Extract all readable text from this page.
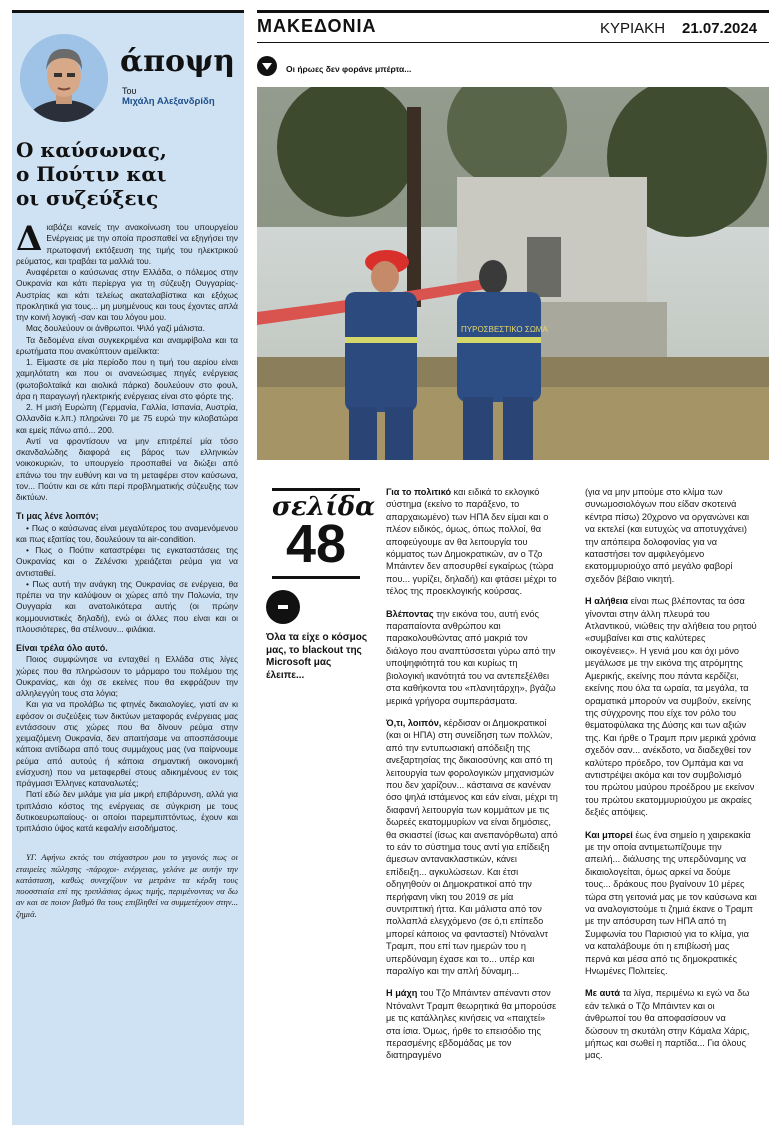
άποψη
Του
Μιχάλη Αλεξανδρίδη
Ο καύσωνας,
ο Πούτιν και
οι συζεύξεις

Διαβάζει κανείς την ανακοίνωση του υπουργείου Ενέργειας με την οποία προσπαθεί να εξηγήσει την πρωτοφανή εκτόξευση της τιμής του ηλεκτρικού ρεύματος, και τραβάει τα μαλλιά του.

Αναφέρεται ο καύσωνας στην Ελλάδα, ο πόλεμος στην Ουκρανία και κάτι περίεργα για τη σύζευξη Ουγγαρίας-Αυστρίας και κάτι τελείως ακαταλαβίστικα και εξόχως προκλητικά για τους... μη μυημένους και τους έχοντες απλά την κοινή λογική -σαν και του λόγου μου.

Μας δουλεύουν οι άνθρωποι. Ψιλό γαζί μάλιστα.

Τα δεδομένα είναι συγκεκριμένα και αναμφίβολα και τα ερωτήματα που ανακύπτουν αμείλικτα:

1. Είμαστε σε μία περίοδο που η τιμή του αερίου είναι χαμηλότατη και που οι ανανεώσιμες πηγές ενέργειας (φωτοβολταϊκά και αιολικά πάρκα) δουλεύουν στο φουλ, άρα η παραγωγή ηλεκτρικής ενέργειας είναι στο φόρτε της.

2. Η μισή Ευρώπη (Γερμανία, Γαλλία, Ισπανία, Αυστρία, Ολλανδία κ.λπ.) πληρώνει 70 με 75 ευρώ την κιλοβατώρα και εμείς πάνω από... 200.

Αντί να φροντίσουν να μην επιτρέπεί μία τόσο σκανδαλώδης διαφορά εις βάρος των ελληνικών νοικοκυριών, το υπουργείο προσπαθεί να διώξει από επάνω του την ευθύνη και να τη μεταφέρει στον καύσωνα, τον... Πούτιν και σε κάτι περί προβληματικής σύζευξης των δικτύων.

Τι μας λένε λοιπόν;

• Πως ο καύσωνας είναι μεγαλύτερος του αναμενόμενου και πως εξαιτίας του, δουλεύουν τα air-condition.

• Πως ο Πούτιν καταστρέφει τις εγκαταστάσεις της Ουκρανίας και ο Ζελένσκι χρειάζεται ρεύμα για να αντισταθεί.

• Πως αυτή την ανάγκη της Ουκρανίας σε ενέργεια, θα πρέπει να την καλύψουν οι χώρες από την Πολωνία, την Ουγγαρία και ανατολικότερα αυτής (οι πρώην κομμουνιστικές δηλαδή), ενώ οι άλλες που είναι και οι πλουσιότερες, θα στέλνουν... φιλάκια.

Είναι τρέλα όλο αυτό.

Ποιος συμφώνησε να ενταχθεί η Ελλάδα στις λίγες χώρες που θα πληρώσουν το μάρμαρο του πολέμου της Ουκρανίας, και όχι σε εκείνες που θα εκφράζουν την αλληλεγγύη τους στα λόγια;

Και για να προλάβω τις φτηνές δικαιολογίες, γιατί αν κι εφόσον οι συζεύξεις των δικτύων μεταφοράς ενέργειας μας εντάσσουν στις χώρες που θα δίνουν ρεύμα στην χειμαζόμενη Ουκρανία, δεν απαιτήσαμε να αποσπάσουμε κάποια αντίδωρα από τους συμμάχους μας (να παίρνουμε ρεύμα από αυτούς ή κάποια σημαντική οικονομική ενίσχυση) που να μεταφερθεί στους αδικημένους εν τοις πράγμασι Έλληνες καταναλωτές;

Πατί εδώ δεν μιλάμε για μία μικρή επιβάρυνση, αλλά για τριπλάσιο κόστος της ενέργειας σε σύγκριση με τους δυτικοευρωπαίους- οι οποίοι παρεμπιπτόντως, έχουν και τριπλάσιο ύψος κατά κεφαλήν εισοδήματος.

ΥΓ. Αφήνω εκτός του στόχαστρου μου το γεγονός πως οι εταιρείες πώλησης -πάροχοι- ενέργειας, γελάνε με αυτήν την κατάσταση, καθώς συνεχίζουν να μετράνε τα κέρδη τους ποοσστιαία επί της τριπλάσιας όμως τιμής, περιμένοντας να δω αν και σε ποιον βαθμό θα τους επιβληθεί να συμμετέχουν στην... ζημιά.

ΜΑΚΕΔΟΝΙΑ	ΚΥΡΙΑΚΗ 21.07.2024
Οι ήρωες δεν φοράνε μπέρτα...
ΠΥΡΟΣΒΕΣΤΙΚΟ ΣΩΜΑ
σελίδα
48
Όλα τα είχε ο κόσμος μας, το blackout της Microsoft μας έλειπε...

Για το πολιτικό και ειδικά το εκλογικό σύστημα (εκείνο το παράξενο, το απαρχαιωμένο) των ΗΠΑ δεν είμαι και ο πλέον ειδικός, όμως, όπως πολλοί, θα αποφεύγουμε αν θα λειτουργία του κόμματος των Δημοκρατικών, αν ο Τζο Μπάιντεν δεν αποσυρθεί εγκαίρως (τώρα που... γυρίζει, δηλαδή) και φτάσει μέχρι το τέλος της προεκλογικής κούρσας.

Βλέποντας την εικόνα του, αυτή ενός παραπαίοντα ανθρώπου και παρακολουθώντας από μακριά τον διάλογο που αναπτύσσεται γύρω από την υποψηφιότητά του και κυρίως τη βιολογική ικανότητά του να αντεπεξέλθει στα καθήκοντα του «πλανητάρχη», βγάζω μερικά γρήγορα συμπεράσματα.

Ό,τι, λοιπόν, κέρδισαν οι Δημοκρατικοί (και οι ΗΠΑ) στη συνείδηση των πολλών, από την εντυπωσιακή απόδειξη της ανεξαρτησίας της δικαιοσύνης και από τη λειτουργία των φορολογικών μηχανισμών που δεν χαρίζουν... κάσταινα σε κανέναν όσο ψηλά ιστάμενος και εάν είναι, μέχρι τη διαφανή λειτουργία των κομμάτων με τις δωρεές εκατομμυρίων να είναι δημόσιες, θα σκιαστεί (ίσως και ανεπανόρθωτα) από το εάν το σύστημα τους αντί για επίδειξη άμεσων αντανακλαστικών, κάνει επίδειξη... αγκυλώσεων. Και έτσι οδηγηθούν οι Δημοκρατικοί από την περήφανη νίκη του 2019 σε μία συντριπτική ήττα. Και μάλιστα από τον πολλαπλά ελεγχόμενο (σε ό,τι επίπεδο μπορεί κάποιος να φανταστεί) Ντόναλντ Τραμπ, που επί των ημερών του η υπερδύναμη έχασε και το... υπέρ και παραλίγο και την απλή δύναμη...

Η μάχη του Τζο Μπάιντεν απέναντι στον Ντόναλντ Τραμπ θεωρητικά θα μπορούσε με τις κατάλληλες κινήσεις να «παιχτεί» στα ίσια. Όμως, ήρθε το επεισόδιο της περασμένης εβδομάδας με τον διατηραγμένο

(για να μην μπούμε στο κλίμα των συνωμοσιολόγων που είδαν σκοτεινά κέντρα πίσω) 20χρονο να οργανώνει και να εκτελεί (και ευτυχώς να αποτυγχάνει) την απόπειρα δολοφονίας για να καταστήσει τον αμφιλεγόμενο εκατομμυριούχο από μεγάλο φαβορί σχεδόν βέβαιο νικητή.

Η αλήθεια είναι πως βλέποντας τα όσα γίνονται στην άλλη πλευρά του Ατλαντικού, νιώθεις την αλήθεια του ρητού «συμβαίνει και στις καλύτερες οικογένειες». Η γενιά μου και όχι μόνο μεγάλωσε με την εικόνα της ατρόμητης Αμερικής, εκείνης που πάντα κερδίζει, εκείνης που όλα τα ωραία, τα μεγάλα, τα οραματικά μπορούν να συμβούν, εκείνης της σύγχρονης που είχε τον ρόλο του θεματοφύλακα της Δύσης και των αξιών της. Και ήρθε ο Τραμπ πριν μερικά χρόνια σχεδόν σαν... ανέκδοτο, να διαδεχθεί τον καλύτερο πρόεδρο, τον Ομπάμα και να αντιστρέψει ακόμα και τον συμβολισμό του πρώτου μαύρου προέδρου με εκείνον του πρώτου εκατομμυριούχου με ακραίες δεξιές απόψεις.

Και μπορεί έως ένα σημείο η χαιρεκακία με την οποία αντιμετωπίζουμε την απειλή... διάλυσης της υπερδύναμης να δικαιολογείται, όμως αρκεί να δούμε τους... δράκους που βγαίνουν 10 μέρες τώρα στη γειτονιά μας με τον καύσωνα και να αναλογιστούμε τι ζημιά έκανε ο Τραμπ με την απόσυρση των ΗΠΑ από τη Συμφωνία του Παρισιού για το κλίμα, για να καταλάβουμε ότι η επιβίωσή μας περνά και μέσα από τις δημοκρατικές Ηνωμένες Πολιτείες.

Με αυτά τα λίγα, περιμένω κι εγώ να δω εάν τελικά ο Τζο Μπάιντεν και οι άνθρωποί του θα αποφασίσουν να δώσουν τη σκυτάλη στην Κάμαλα Χάρις, μήπως και σωθεί η παρτίδα... Για όλους μας.
